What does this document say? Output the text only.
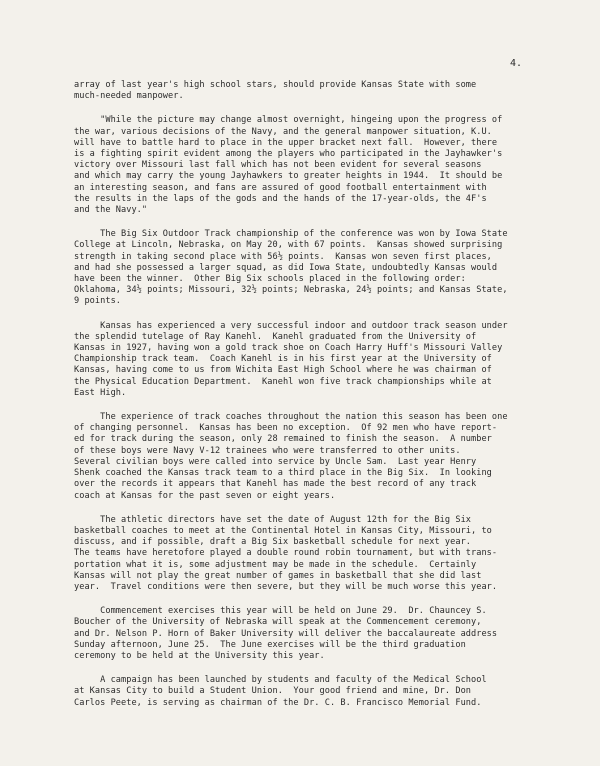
4.
array of last year's high school stars, should provide Kansas State with some
much-needed manpower.
"While the picture may change almost overnight, hingeing upon the progress of
the war, various decisions of the Navy, and the general manpower situation, K.U.
will have to battle hard to place in the upper bracket next fall.  However, there
is a fighting spirit evident among the players who participated in the Jayhawker's
victory over Missouri last fall which has not been evident for several seasons
and which may carry the young Jayhawkers to greater heights in 1944.  It should be
an interesting season, and fans are assured of good football entertainment with
the results in the laps of the gods and the hands of the 17-year-olds, the 4F's
and the Navy."
The Big Six Outdoor Track championship of the conference was won by Iowa State
College at Lincoln, Nebraska, on May 20, with 67 points.  Kansas showed surprising
strength in taking second place with 56½ points.  Kansas won seven first places,
and had she possessed a larger squad, as did Iowa State, undoubtedly Kansas would
have been the winner.  Other Big Six schools placed in the following order:
Oklahoma, 34½ points; Missouri, 32½ points; Nebraska, 24½ points; and Kansas State,
9 points.
Kansas has experienced a very successful indoor and outdoor track season under
the splendid tutelage of Ray Kanehl.  Kanehl graduated from the University of
Kansas in 1927, having won a gold track shoe on Coach Harry Huff's Missouri Valley
Championship track team.  Coach Kanehl is in his first year at the University of
Kansas, having come to us from Wichita East High School where he was chairman of
the Physical Education Department.  Kanehl won five track championships while at
East High.
The experience of track coaches throughout the nation this season has been one
of changing personnel.  Kansas has been no exception.  Of 92 men who have report-
ed for track during the season, only 28 remained to finish the season.  A number
of these boys were Navy V-12 trainees who were transferred to other units.
Several civilian boys were called into service by Uncle Sam.  Last year Henry
Shenk coached the Kansas track team to a third place in the Big Six.  In looking
over the records it appears that Kanehl has made the best record of any track
coach at Kansas for the past seven or eight years.
The athletic directors have set the date of August 12th for the Big Six
basketball coaches to meet at the Continental Hotel in Kansas City, Missouri, to
discuss, and if possible, draft a Big Six basketball schedule for next year.
The teams have heretofore played a double round robin tournament, but with trans-
portation what it is, some adjustment may be made in the schedule.  Certainly
Kansas will not play the great number of games in basketball that she did last
year.  Travel conditions were then severe, but they will be much worse this year.
Commencement exercises this year will be held on June 29.  Dr. Chauncey S.
Boucher of the University of Nebraska will speak at the Commencement ceremony,
and Dr. Nelson P. Horn of Baker University will deliver the baccalaureate address
Sunday afternoon, June 25.  The June exercises will be the third graduation
ceremony to be held at the University this year.
A campaign has been launched by students and faculty of the Medical School
at Kansas City to build a Student Union.  Your good friend and mine, Dr. Don
Carlos Peete, is serving as chairman of the Dr. C. B. Francisco Memorial Fund.
